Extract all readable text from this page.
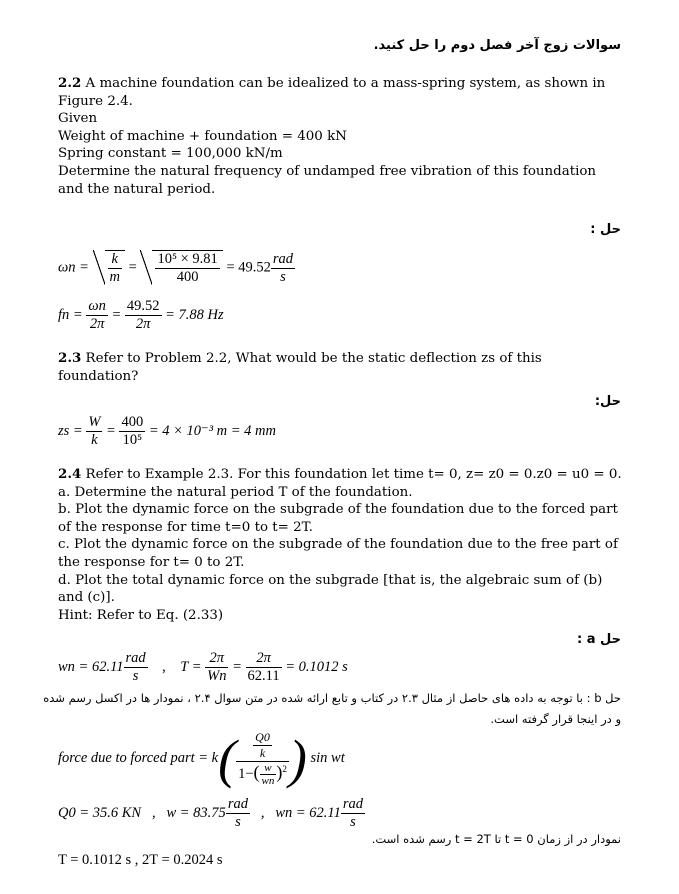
سوالات زوج آخر فصل دوم را حل کنید.
2.2 A machine foundation can be idealized to a mass-spring system, as shown in Figure 2.4.
Given
Weight of machine + foundation = 400 kN
Spring constant = 100,000 kN/m
Determine the natural frequency of undamped free vibration of this foundation and the natural period.
حل :
$\omega n = \frac{k}{m} = \frac{\text{10⁵ × 9.81}}{400} = 49.52 \frac{\text{rad}}{s}$
fn = $\frac{\omega n}{2\pi} = \frac{49.52}{2\pi} = 7.88$ Hz
2.3 Refer to Problem 2.2, What would be the static deflection zs of this foundation?
حل:
zs = $\frac{W}{k} = \frac{400}{\text{10⁵}} = 4 \times 10^{-3}$ m = 4 mm
2.4 Refer to Example 2.3. For this foundation let time t= 0, z= z0 = 0.z0 = u0 = 0.
a. Determine the natural period T of the foundation.
b. Plot the dynamic force on the subgrade of the foundation due to the forced part of the response for time t=0 to t= 2T.
c. Plot the dynamic force on the subgrade of the foundation due to the free part of the response for t= 0 to 2T.
d. Plot the total dynamic force on the subgrade [that is, the algebraic sum of (b) and (c)].
Hint: Refer to Eq. (2.33)
حل a :
wn = $62.11 \frac{\text{rad}}{s}$ , $T = \frac{2\pi}{Wn} = \frac{2\pi}{62.11} = 0.1012$ s
حل b : با توجه به داده های حاصل از مثال ۲.۳ در کتاب و تابع ارائه شده در متن سوال ۲.۴ ، نمودار ها در اکسل رسم شده
و در اینجا قرار گرفته است.
force due to forced part = $k( \frac{\frac{Q0}{k}}{1-( \frac{w}{wn} )^2}$ ) sin wt
Q0 = 35.6 KN   ,   $w = 83.75 \frac{\text{rad}}{s}$ ,   wn = $62.11 \frac{\text{rad}}{s}$
نمودار در از زمان t = 0 تا t = 2T رسم شده است.
T = 0.1012 s , 2T = 0.2024 s
